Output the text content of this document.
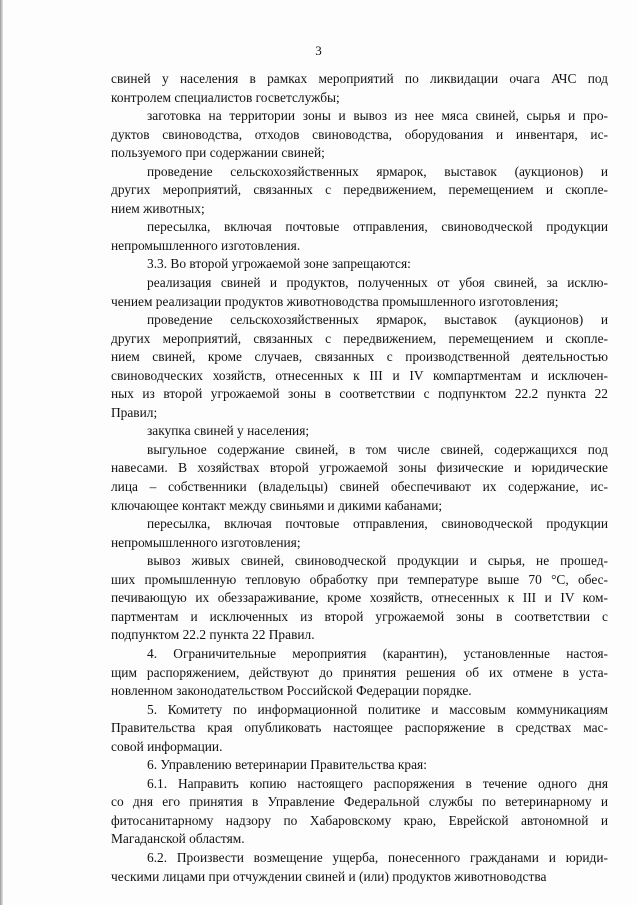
3
свиней у населения в рамках мероприятий по ликвидации очага АЧС под
контролем специалистов госветслужбы;
заготовка на территории зоны и вывоз из нее мяса свиней, сырья и про-
дуктов свиноводства, отходов свиноводства, оборудования и инвентаря, ис-
пользуемого при содержании свиней;
проведение сельскохозяйственных ярмарок, выставок (аукционов) и
других мероприятий, связанных с передвижением, перемещением и скопле-
нием животных;
пересылка, включая почтовые отправления, свиноводческой продукции
непромышленного изготовления.
3.3. Во второй угрожаемой зоне запрещаются:
реализация свиней и продуктов, полученных от убоя свиней, за исклю-
чением реализации продуктов животноводства промышленного изготовления;
проведение сельскохозяйственных ярмарок, выставок (аукционов) и
других мероприятий, связанных с передвижением, перемещением и скопле-
нием свиней, кроме случаев, связанных с производственной деятельностью
свиноводческих хозяйств, отнесенных к III и IV компартментам и исключен-
ных из второй угрожаемой зоны в соответствии с подпунктом 22.2 пункта 22
Правил;
закупка свиней у населения;
выгульное содержание свиней, в том числе свиней, содержащихся под
навесами. В хозяйствах второй угрожаемой зоны физические и юридические
лица – собственники (владельцы) свиней обеспечивают их содержание, ис-
ключающее контакт между свиньями и дикими кабанами;
пересылка, включая почтовые отправления, свиноводческой продукции
непромышленного изготовления;
вывоз живых свиней, свиноводческой продукции и сырья, не прошед-
ших промышленную тепловую обработку при температуре выше 70 °С, обес-
печивающую их обеззараживание, кроме хозяйств, отнесенных к III и IV ком-
партментам и исключенных из второй угрожаемой зоны в соответствии с
подпунктом 22.2 пункта 22 Правил.
4. Ограничительные мероприятия (карантин), установленные настоя-
щим распоряжением, действуют до принятия решения об их отмене в уста-
новленном законодательством Российской Федерации порядке.
5. Комитету по информационной политике и массовым коммуникациям
Правительства края опубликовать настоящее распоряжение в средствах мас-
совой информации.
6. Управлению ветеринарии Правительства края:
6.1. Направить копию настоящего распоряжения в течение одного дня
со дня его принятия в Управление Федеральной службы по ветеринарному и
фитосанитарному надзору по Хабаровскому краю, Еврейской автономной и
Магаданской областям.
6.2. Произвести возмещение ущерба, понесенного гражданами и юриди-
ческими лицами при отчуждении свиней и (или) продуктов животноводства
